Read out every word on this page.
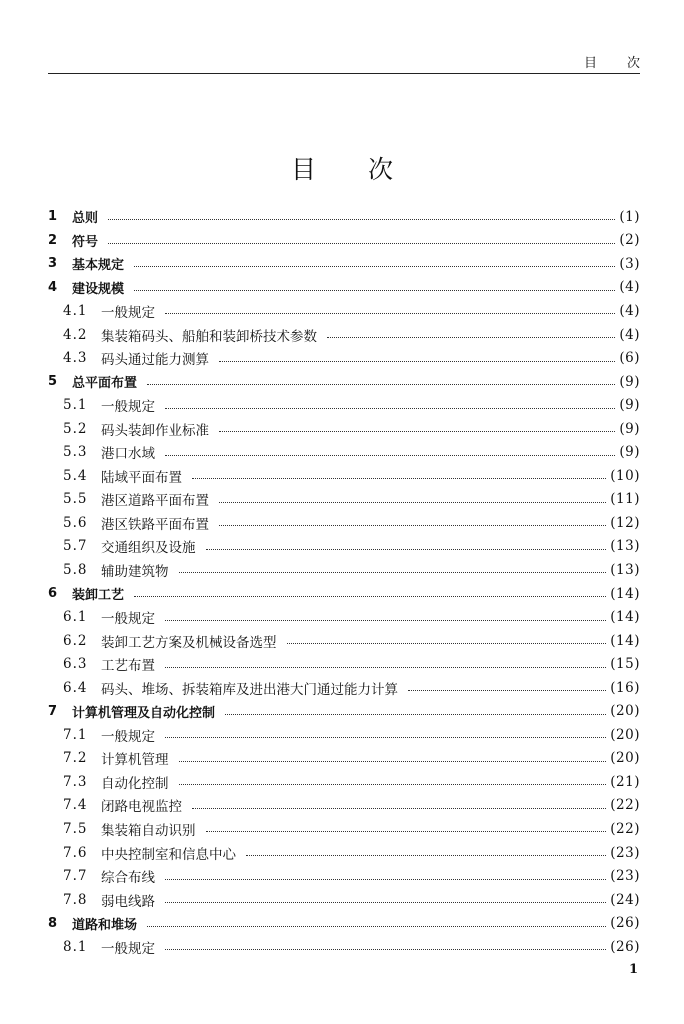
目 次
目 次
1	总则	(1)
2	符号	(2)
3	基本规定	(3)
4	建设规模	(4)
4.1	一般规定	(4)
4.2	集装箱码头、船舶和装卸桥技术参数	(4)
4.3	码头通过能力测算	(6)
5	总平面布置	(9)
5.1	一般规定	(9)
5.2	码头装卸作业标准	(9)
5.3	港口水域	(9)
5.4	陆域平面布置	(10)
5.5	港区道路平面布置	(11)
5.6	港区铁路平面布置	(12)
5.7	交通组织及设施	(13)
5.8	辅助建筑物	(13)
6	装卸工艺	(14)
6.1	一般规定	(14)
6.2	装卸工艺方案及机械设备选型	(14)
6.3	工艺布置	(15)
6.4	码头、堆场、拆装箱库及进出港大门通过能力计算	(16)
7	计算机管理及自动化控制	(20)
7.1	一般规定	(20)
7.2	计算机管理	(20)
7.3	自动化控制	(21)
7.4	闭路电视监控	(22)
7.5	集装箱自动识别	(22)
7.6	中央控制室和信息中心	(23)
7.7	综合布线	(23)
7.8	弱电线路	(24)
8	道路和堆场	(26)
8.1	一般规定	(26)
1
